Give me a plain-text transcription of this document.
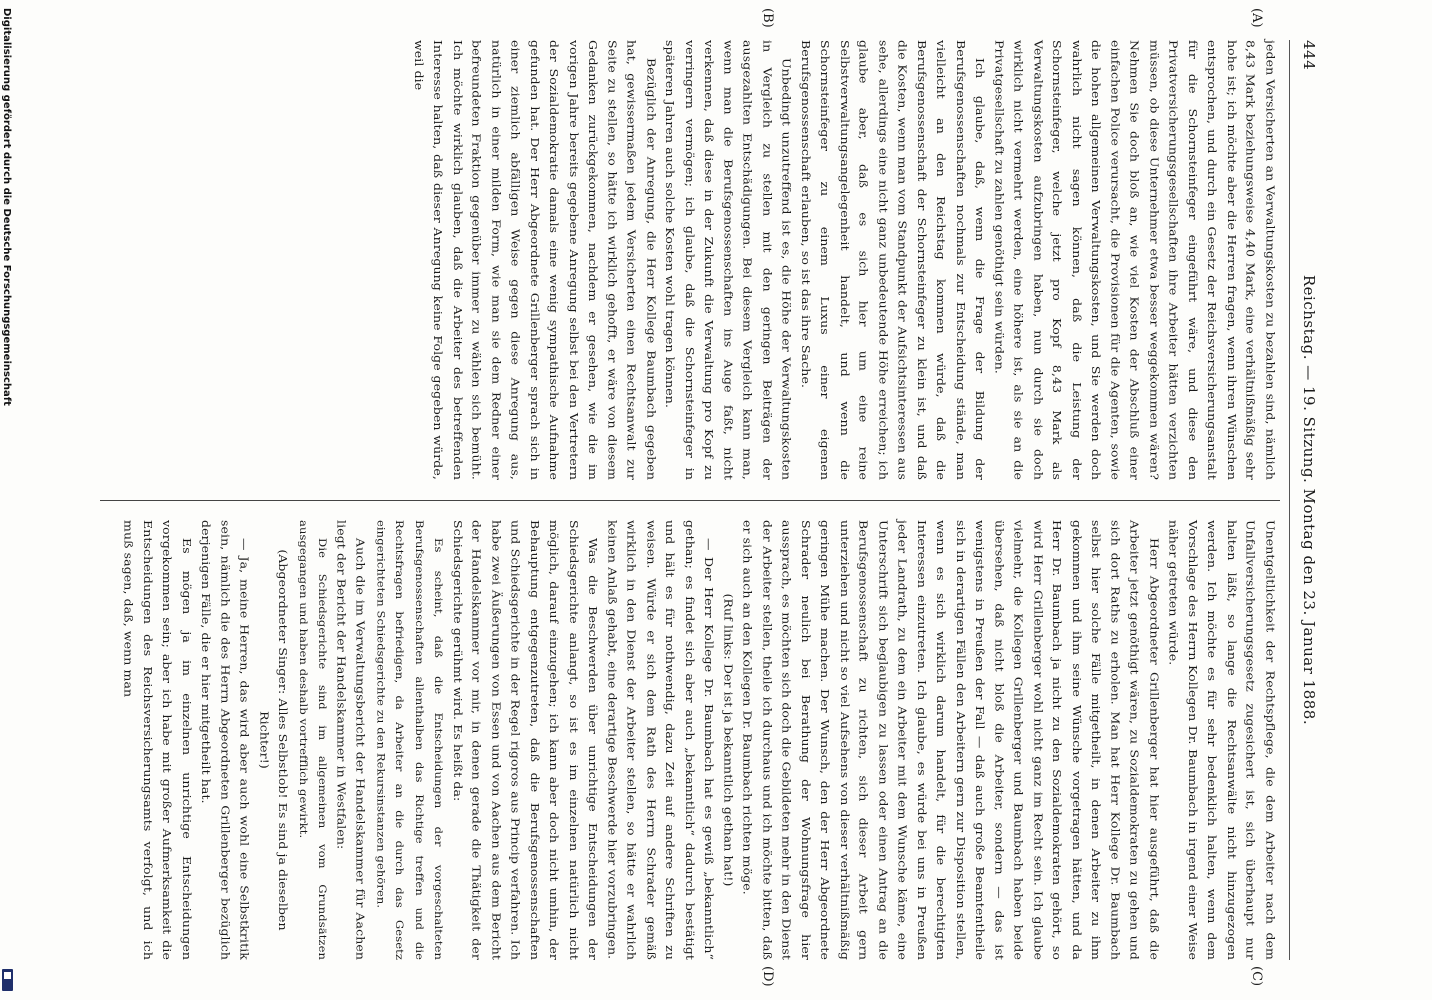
Digitalisierung gefördert durch die Deutsche Forschungsgemeinschaft	444
Reichstag. — 19. Sitzung. Montag den 23. Januar 1888.
(A)
(B)
(C)
(D)

jeden Versicherten an Verwaltungskosten zu bezahlen sind, nämlich 8,43 Mark beziehungsweise 4,40 Mark, eine verhältnißmäßig sehr hohe ist; ich möchte aber die Herren fragen, wenn ihren Wünschen entsprochen, und durch ein Gesetz der Reichsversicherungsanstalt für die Schornsteinfeger eingeführt wäre, und diese den Privatversicherungsgesellschaften ihre Arbeiter hätten verzichten müssen, ob diese Unternehmer etwa besser weggekommen wären? Nehmen Sie doch bloß an, wie viel Kosten der Abschluß einer einfachen Police verursacht, die Provisionen für die Agenten, sowie die hohen allgemeinen Verwaltungskosten, und Sie werden doch wahrlich nicht sagen können, daß die Leistung der Schornsteinfeger, welche jetzt pro Kopf 8,43 Mark als Verwaltungskosten aufzubringen haben, nun durch sie doch wirklich nicht vermehrt werden, eine höhere ist, als sie an die Privatgesellschaft zu zahlen genöthigt sein würden.

Ich glaube, daß, wenn die Frage der Bildung der Berufsgenossenschaften nochmals zur Entscheidung stände, man vielleicht an den Reichstag kommen würde, daß die Berufsgenossenschaft der Schornsteinfeger zu klein ist, und daß die Kosten, wenn man vom Standpunkt der Aufsichtsinteressen aus sehe, allerdings eine nicht ganz unbedeutende Höhe erreichen; ich glaube aber, daß es sich hier um eine reine Selbstverwaltungsangelegenheit handelt, und wenn die Schornsteinfeger zu einem Luxus einer eigenen Berufsgenossenschaft erlauben, so ist das ihre Sache.

Unbedingt unzutreffend ist es, die Höhe der Verwaltungskosten in Vergleich zu stellen mit den geringen Beiträgen der ausgezahlten Entschädigungen. Bei diesem Vergleich kann man, wenn man die Berufsgenossenschaften ins Auge faßt, nicht verkennen, daß diese in der Zukunft die Verwaltung pro Kopf zu verringern vermögen; ich glaube, daß die Schornsteinfeger in späteren Jahren auch solche Kosten wohl tragen können.

Bezüglich der Anregung, die Herr Kollege Baumbach gegeben hat, gewissermaßen jedem Versicherten einen Rechtsanwalt zur Seite zu stellen, so hätte ich wirklich gehofft, er wäre von diesem Gedanken zurückgekommen, nachdem er gesehen, wie die im vorigen Jahre bereits gegebene Anregung selbst bei den Vertretern der Sozialdemokratie damals eine wenig sympathische Aufnahme gefunden hat. Der Herr Abgeordnete Grillenberger sprach sich in einer ziemlich abfälligen Weise gegen diese Anregung aus, natürlich in einer milden Form, wie man sie dem Redner einer befreundeten Fraktion gegenüber immer zu wählen sich bemüht. Ich möchte wirklich glauben, daß die Arbeiter des betreffenden Interesse halten, daß dieser Anregung keine Folge gegeben würde, weil die

Unentgeltlichkeit der Rechtspflege, die dem Arbeiter nach dem Unfallversicherungsgesetz zugesichert ist, sich überhaupt nur halten läßt, so lange die Rechtsanwälte nicht hinzugezogen werden. Ich möchte es für sehr bedenklich halten, wenn dem Vorschlage des Herrn Kollegen Dr. Baumbach in irgend einer Weise näher getreten würde.

Herr Abgeordneter Grillenberger hat hier ausgeführt, daß die Arbeiter jetzt genöthigt wären, zu Sozialdemokraten zu gehen und sich dort Raths zu erholen. Man hat Herr Kollege Dr. Baumbach selbst hier solche Fälle mitgetheilt, in denen Arbeiter zu ihm gekommen und ihm seine Wünsche vorgetragen hätten, und da Herr Dr. Baumbach ja nicht zu den Sozialdemokraten gehört, so wird Herr Grillenberger wohl nicht ganz im Recht sein. Ich glaube vielmehr, die Kollegen Grillenberger und Baumbach haben beide übersehen, daß nicht bloß die Arbeiter, sondern — das ist wenigstens in Preußen der Fall — daß auch große Beamtentheile sich in derartigen Fällen den Arbeitern gern zur Disposition stellen, wenn es sich wirklich darum handelt, für die berechtigten Interessen einzutreten. Ich glaube, es würde bei uns in Preußen jeder Landrath, zu dem ein Arbeiter mit dem Wunsche käme, eine Unterschrift sich beglaubigen zu lassen oder einen Antrag an die Berufsgenossenschaft zu richten, sich dieser Arbeit gern unterziehen und nicht so viel Aufsehens von dieser verhältnißmäßig geringen Mühe machen. Der Wunsch, den der Herr Abgeordnete Schrader neulich bei Berathung der Wohnungsfrage hier aussprach, es möchten sich doch die Gebildeten mehr in den Dienst der Arbeiter stellen, theile ich durchaus und ich möchte bitten, daß er sich auch an den Kollegen Dr. Baumbach richten möge.

(Ruf links: Der ist ja bekanntlich gethan hat!)

— Der Herr Kollege Dr. Baumbach hat es gewiß „bekanntlich“ gethan; es findet sich aber auch „bekanntlich“ dadurch bestätigt und hält es für nothwendig, dazu Zeit auf andere Schriften zu weisen. Würde er sich dem Rath des Herrn Schrader gemäß wirklich in den Dienst der Arbeiter stellen, so hätte er wahrlich keinen Anlaß gehabt, eine derartige Beschwerde hier vorzubringen.

Was die Beschwerden über unrichtige Entscheidungen der Schiedsgerichte anlangt, so ist es im einzelnen natürlich nicht möglich, darauf einzugehen; ich kann aber doch nicht umhin, der Behauptung entgegenzutreten, daß die Berufsgenossenschaften und Schiedsgerichte in der Regel rigoros aus Princip verfahren. Ich habe zwei Äußerungen von Essen und von Aachen aus dem Bericht der Handelskammer vor mir, in denen gerade die Thätigkeit der Schiedsgerichte gerühmt wird. Es heißt da:

Es scheint, daß die Entscheidungen der vorgeschalteten Berufsgenossenschaften allenthalben das Richtige treffen und die Rechtsfragen befriedigen, da Arbeiter an die durch das Gesetz eingerichteten Schiedsgerichte zu den Rekursinstanzen gehören.

Auch die im Verwaltungsbericht der Handelskammer für Aachen liegt der Bericht der Handelskammer in Westfalen:

Die Schiedsgerichte sind im allgemeinen vom Grundsätzen ausgegangen und haben deshalb vortrefflich gewirkt.

(Abgeordneter Singer: Alles Selbstlob! Es sind ja dieselben Richter!)

— Ja, meine Herren, das wird aber auch wohl eine Selbstkritik sein, nämlich die des Herrn Abgeordneten Grillenberger bezüglich derjenigen Fälle, die er hier mitgetheilt hat.

Es mögen ja im einzelnen unrichtige Entscheidungen vorgekommen sein; aber ich habe mit großer Aufmerksamkeit die Entscheidungen des Reichsversicherungsamts verfolgt, und ich muß sagen, daß, wenn man
